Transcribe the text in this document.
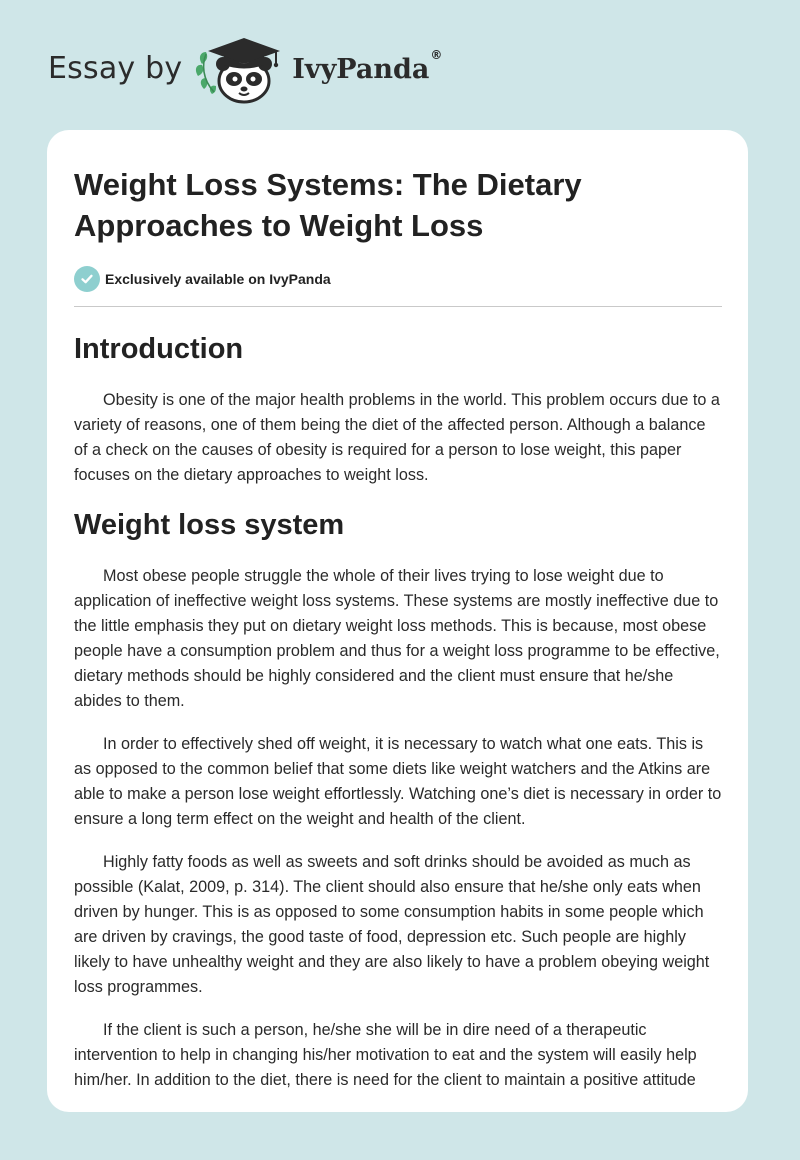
Essay by	IvyPanda®
Weight Loss Systems: The Dietary Approaches to Weight Loss
Exclusively available on IvyPanda
Introduction

Obesity is one of the major health problems in the world. This problem occurs due to a variety of reasons, one of them being the diet of the affected person. Although a balance of a check on the causes of obesity is required for a person to lose weight, this paper focuses on the dietary approaches to weight loss.

Weight loss system

Most obese people struggle the whole of their lives trying to lose weight due to application of ineffective weight loss systems. These systems are mostly ineffective due to the little emphasis they put on dietary weight loss methods. This is because, most obese people have a consumption problem and thus for a weight loss programme to be effective, dietary methods should be highly considered and the client must ensure that he/she abides to them.

In order to effectively shed off weight, it is necessary to watch what one eats. This is as opposed to the common belief that some diets like weight watchers and the Atkins are able to make a person lose weight effortlessly. Watching one’s diet is necessary in order to ensure a long term effect on the weight and health of the client.

Highly fatty foods as well as sweets and soft drinks should be avoided as much as possible (Kalat, 2009, p. 314). The client should also ensure that he/she only eats when driven by hunger. This is as opposed to some consumption habits in some people which are driven by cravings, the good taste of food, depression etc. Such people are highly likely to have unhealthy weight and they are also likely to have a problem obeying weight loss programmes.

If the client is such a person, he/she she will be in dire need of a therapeutic intervention to help in changing his/her motivation to eat and the system will easily help him/her. In addition to the diet, there is need for the client to maintain a positive attitude
